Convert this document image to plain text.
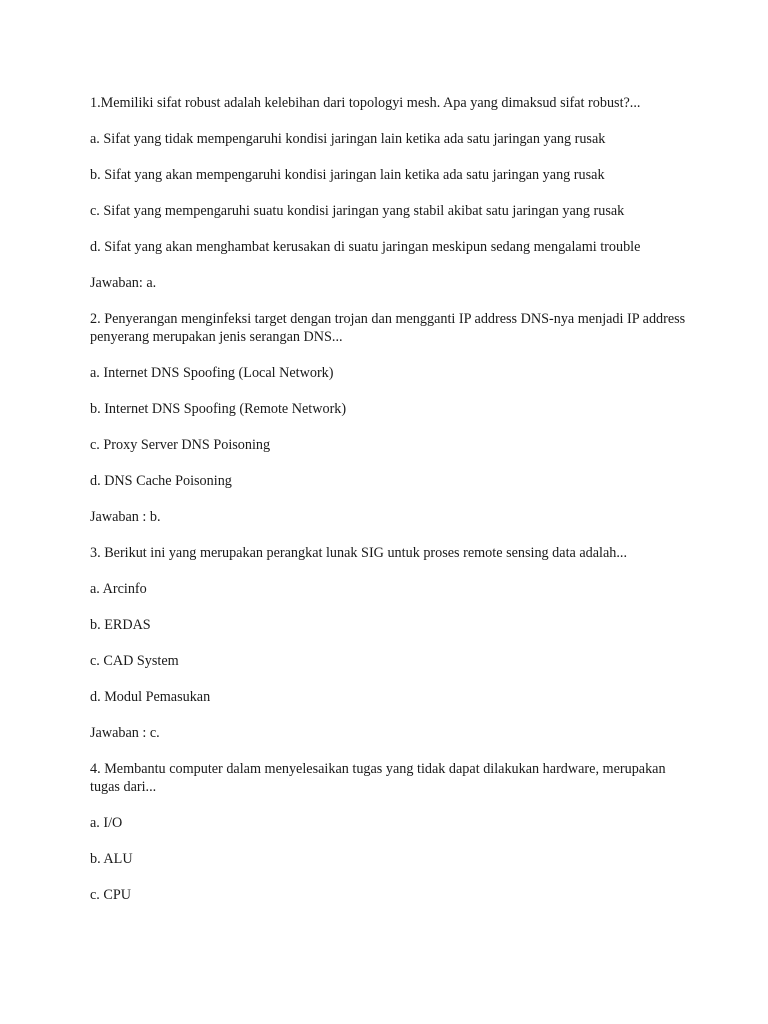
1.Memiliki sifat robust adalah kelebihan dari topologyi mesh. Apa yang dimaksud sifat robust?...

a. Sifat yang tidak mempengaruhi kondisi jaringan lain ketika ada satu jaringan yang rusak

b. Sifat yang akan mempengaruhi kondisi jaringan lain ketika ada satu jaringan yang rusak

c. Sifat yang mempengaruhi suatu kondisi jaringan yang stabil akibat satu jaringan yang rusak

d. Sifat yang akan menghambat kerusakan di suatu jaringan meskipun sedang mengalami trouble

Jawaban: a.

2. Penyerangan menginfeksi target dengan trojan dan mengganti IP address DNS-nya menjadi IP address penyerang merupakan jenis serangan DNS...

a. Internet DNS Spoofing (Local Network)

b. Internet DNS Spoofing (Remote Network)

c. Proxy Server DNS Poisoning

d. DNS Cache Poisoning

Jawaban : b.

3. Berikut ini yang merupakan perangkat lunak SIG untuk proses remote sensing data adalah...

a. Arcinfo

b. ERDAS

c. CAD System

d. Modul Pemasukan

Jawaban : c.

4. Membantu computer dalam menyelesaikan tugas yang tidak dapat dilakukan hardware, merupakan tugas dari...

a. I/O

b. ALU

c. CPU
